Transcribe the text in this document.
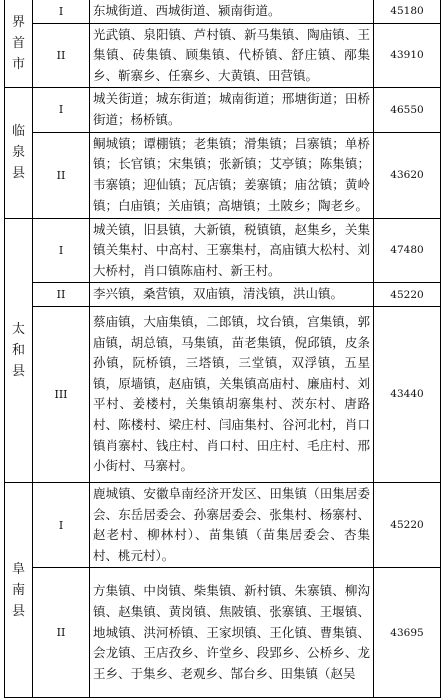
界
首
市	I	东城街道、西城街道、颍南街道。	45180
	II	光武镇、泉阳镇、芦村镇、新马集镇、陶庙镇、王集镇、砖集镇、顾集镇、代桥镇、舒庄镇、邴集乡、靳寨乡、任寨乡、大黄镇、田营镇。	43910

临
泉
县	I	城关街道；城东街道；城南街道；邢塘街道；田桥街道；杨桥镇。	46550
	II	鲖城镇；谭棚镇；老集镇；滑集镇；吕寨镇；单桥镇；长官镇；宋集镇；张新镇；艾亭镇；陈集镇；韦寨镇；迎仙镇；瓦店镇；姜寨镇；庙岔镇；黄岭镇；白庙镇；关庙镇；高塘镇；土陂乡；陶老乡。	43620

太
和
县	I	城关镇，旧县镇，大新镇，税镇镇，赵集乡，关集镇关集村、中高村、王寨集村，高庙镇大松村、刘大桥村，肖口镇陈庙村、新王村。	47480
	II	李兴镇，桑营镇，双庙镇，清浅镇，洪山镇。	45220
	III	蔡庙镇，大庙集镇，二郎镇，坟台镇，宫集镇，郭庙镇，胡总镇，马集镇，苗老集镇，倪邱镇，皮条孙镇，阮桥镇，三塔镇，三堂镇，双浮镇，五星镇，原墙镇，赵庙镇，关集镇高庙村、廉庙村、刘平村、姜楼村，关集镇胡寨集村、茨东村、唐路村、陈楼村、梁庄村、闫庙集村、谷河北村，肖口镇肖寨村、钱庄村、肖口村、田庄村、毛庄村、邢小街村、马寨村。	43440

阜
南
县	I	鹿城镇、安徽阜南经济开发区、田集镇（田集居委会、东岳居委会、孙寨居委会、张集村、杨寨村、赵老村、柳林村）、苗集镇（苗集居委会、杏集村、桃元村）。	45220
	II	方集镇、中岗镇、柴集镇、新村镇、朱寨镇、柳沟镇、赵集镇、黄岗镇、焦陂镇、张寨镇、王堰镇、地城镇、洪河桥镇、王家坝镇、王化镇、曹集镇、会龙镇、王店孜乡、许堂乡、段郢乡、公桥乡、龙王乡、于集乡、老观乡、郜台乡、田集镇（赵吴	43695
